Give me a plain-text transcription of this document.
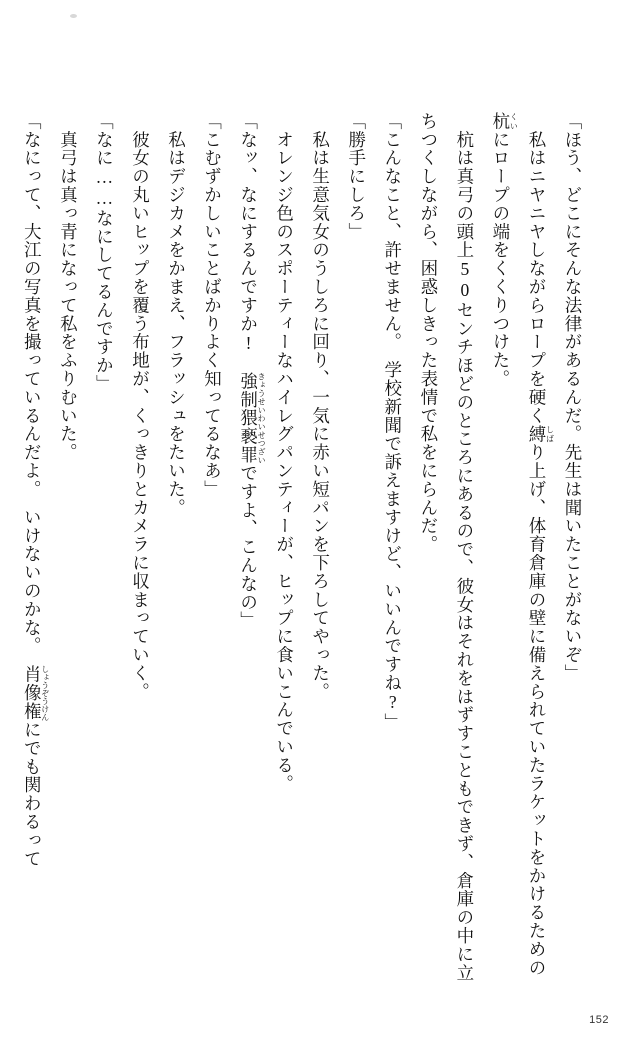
「ほう、どこにそんな法律があるんだ。先生は聞いたことがないぞ」

　私はニヤニヤしながらロープを硬く縛しばり上げ、体育倉庫の壁に備えられていたラケットをかけるための杭くいにロープの端をくくりつけた。

　杭は真弓の頭上50センチほどのところにあるので、彼女はそれをはずすこともできず、倉庫の中に立ちつくしながら、困惑しきった表情で私をにらんだ。

「こんなこと、許せません。　学校新聞で訴えますけど、いいんですね?」

「勝手にしろ」

　私は生意気女のうしろに回り、一気に赤い短パンを下ろしてやった。

　オレンジ色のスポーティーなハイレグパンティーが、ヒップに食いこんでいる。

「なッ、なにするんですか!　強制猥褻罪きょうせいわいせつざいですよ、こんなの」

「こむずかしいことばかりよく知ってるなあ」

　私はデジカメをかまえ、フラッシュをたいた。

　彼女の丸いヒップを覆う布地が、くっきりとカメラに収まっていく。

「なに……なにしてるんですか」

　真弓は真っ青になって私をふりむいた。

「なにって、大江の写真を撮っているんだよ。　いけないのかな。　肖像権しょうぞうけんにでも関わるって

152
